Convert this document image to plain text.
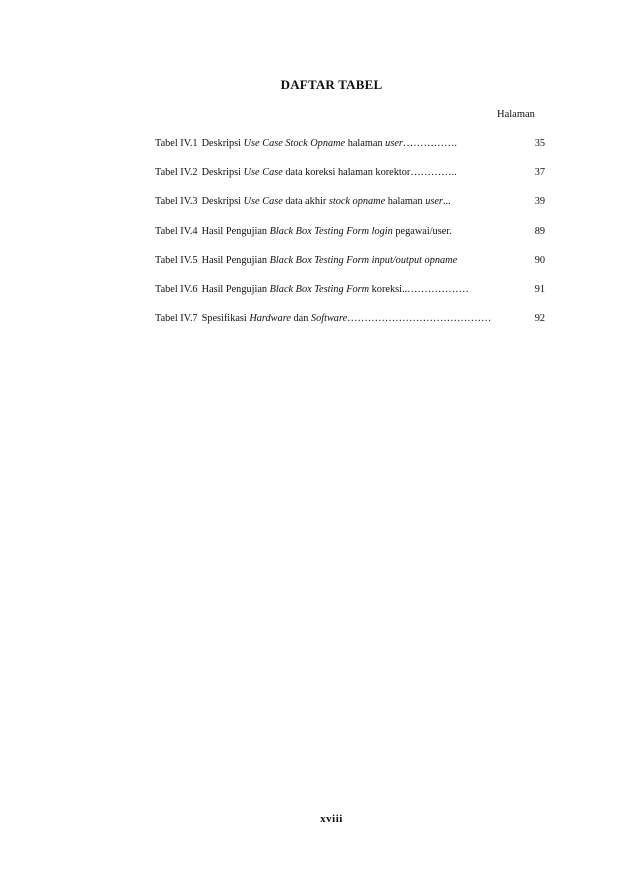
DAFTAR TABEL
Halaman
Tabel IV.1 Deskripsi Use Case Stock Opname halaman user…………….	35
Tabel IV.2 Deskripsi Use Case data koreksi halaman korektor…………..	37
Tabel IV.3 Deskripsi Use Case data akhir stock opname halaman user...	39
Tabel IV.4 Hasil Pengujian Black Box Testing Form login pegawai/user.	89
Tabel IV.5 Hasil Pengujian Black Box Testing Form input/output opname	90
Tabel IV.6 Hasil Pengujian Black Box Testing Form koreksi..………………	91
Tabel IV.7 Spesifikasi Hardware dan Software……………………………………	92
xviii
